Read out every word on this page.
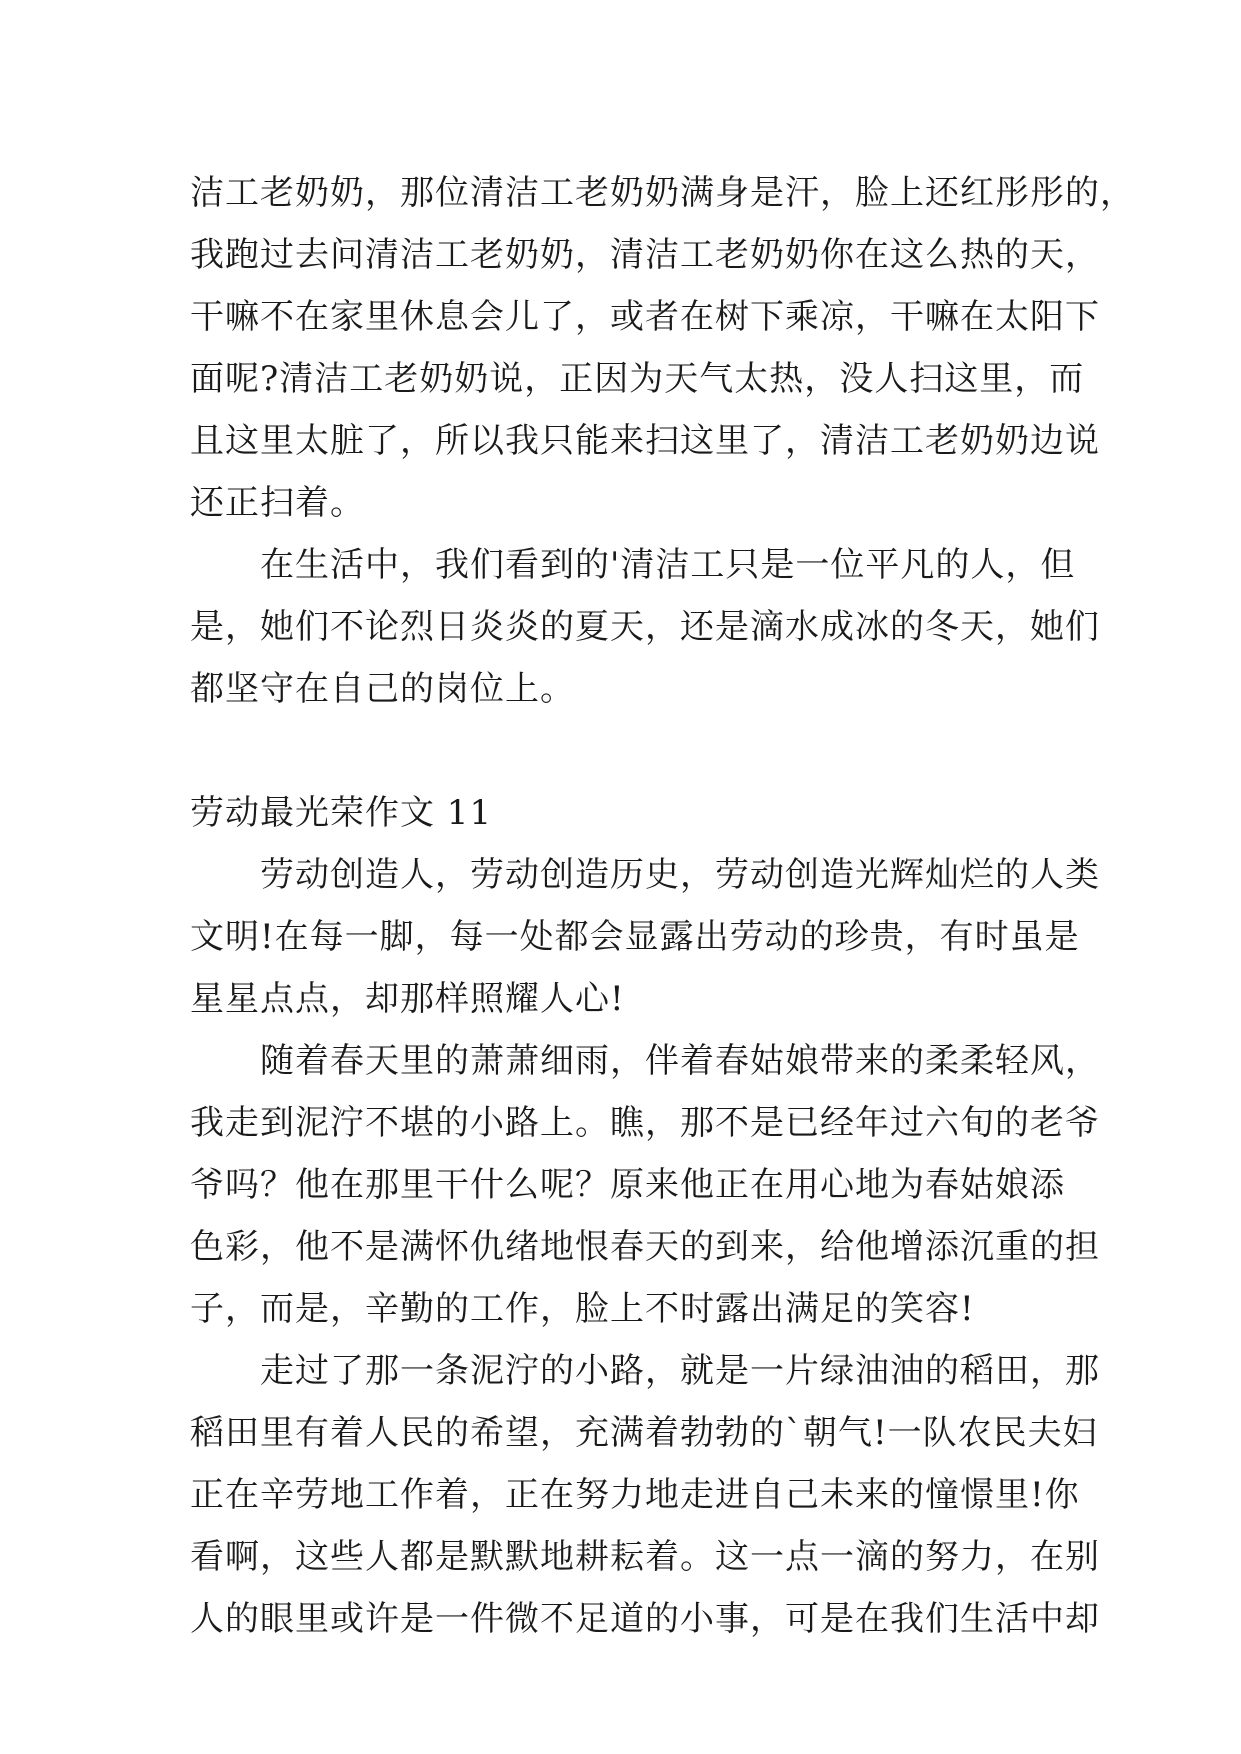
洁工老奶奶，那位清洁工老奶奶满身是汗，脸上还红彤彤的，
我跑过去问清洁工老奶奶，清洁工老奶奶你在这么热的天，
干嘛不在家里休息会儿了，或者在树下乘凉，干嘛在太阳下
面呢?清洁工老奶奶说，正因为天气太热，没人扫这里，而
且这里太脏了，所以我只能来扫这里了，清洁工老奶奶边说
还正扫着。
　　在生活中，我们看到的'清洁工只是一位平凡的人，但
是，她们不论烈日炎炎的夏天，还是滴水成冰的冬天，她们
都坚守在自己的岗位上。
劳动最光荣作文 11
　　劳动创造人，劳动创造历史，劳动创造光辉灿烂的人类
文明!在每一脚，每一处都会显露出劳动的珍贵，有时虽是
星星点点，却那样照耀人心!
　　随着春天里的萧萧细雨，伴着春姑娘带来的柔柔轻风，
我走到泥泞不堪的小路上。瞧，那不是已经年过六旬的老爷
爷吗？他在那里干什么呢？原来他正在用心地为春姑娘添
色彩，他不是满怀仇绪地恨春天的到来，给他增添沉重的担
子，而是，辛勤的工作，脸上不时露出满足的笑容!
　　走过了那一条泥泞的小路，就是一片绿油油的稻田，那
稻田里有着人民的希望，充满着勃勃的`朝气!一队农民夫妇
正在辛劳地工作着，正在努力地走进自己未来的憧憬里!你
看啊，这些人都是默默地耕耘着。这一点一滴的努力，在别
人的眼里或许是一件微不足道的小事，可是在我们生活中却
